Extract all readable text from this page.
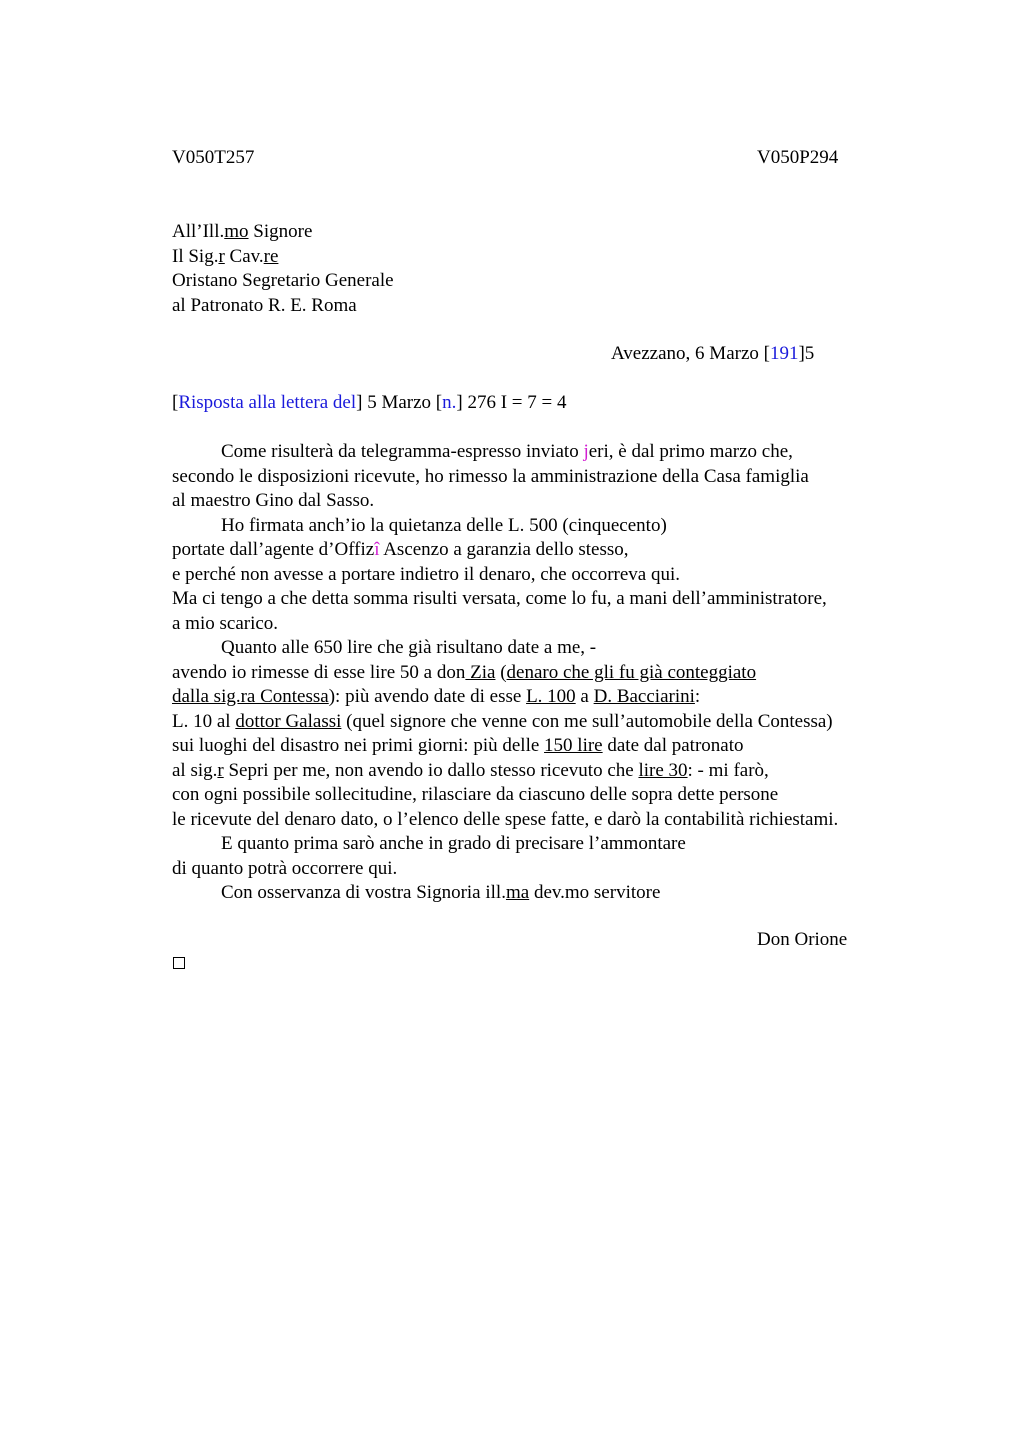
V050T257	V050P294
All’Ill.mo Signore
Il Sig.r Cav.re
Oristano Segretario Generale
al Patronato R. E. Roma
Avezzano, 6 Marzo [191]5
[Risposta alla lettera del] 5 Marzo [n.] 276 I = 7 = 4
Come risulterà da telegramma-espresso inviato jeri, è dal primo marzo che,
secondo le disposizioni ricevute, ho rimesso la amministrazione della Casa famiglia
al maestro Gino dal Sasso.
Ho firmata anch’io la quietanza delle L. 500 (cinquecento)
portate dall’agente d’Offizî Ascenzo a garanzia dello stesso,
e perché non avesse a portare indietro il denaro, che occorreva qui.
Ma ci tengo a che detta somma risulti versata, come lo fu, a mani dell’amministratore,
a mio scarico.
Quanto alle 650 lire che già risultano date a me, -
avendo io rimesse di esse lire 50 a don Zia (denaro che gli fu già conteggiato
dalla sig.ra Contessa): più avendo date di esse L. 100 a D. Bacciarini:
L. 10 al dottor Galassi (quel signore che venne con me sull’automobile della Contessa)
sui luoghi del disastro nei primi giorni: più delle 150 lire date dal patronato
al sig.r Sepri per me, non avendo io dallo stesso ricevuto che lire 30: - mi farò,
con ogni possibile sollecitudine, rilasciare da ciascuno delle sopra dette persone
le ricevute del denaro dato, o l’elenco delle spese fatte, e darò la contabilità richiestami.
E quanto prima sarò anche in grado di precisare l’ammontare
di quanto potrà occorrere qui.
Con osservanza di vostra Signoria ill.ma dev.mo servitore
Don Orione
